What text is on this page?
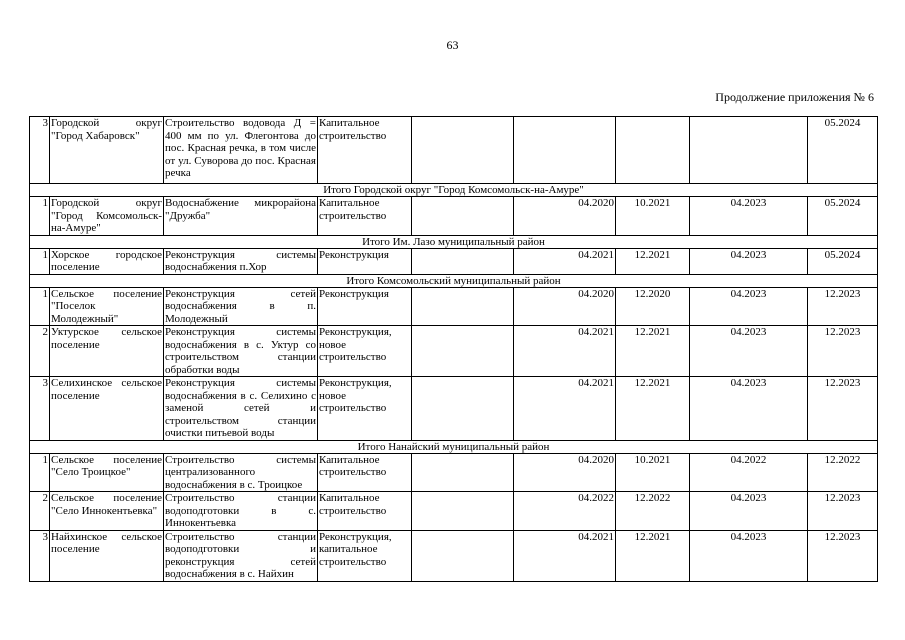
63
Продолжение приложения № 6
3	Городской округ "Город Хабаровск"	Строительство водовода Д = 400 мм по ул. Флегонтова до пос. Красная речка, в том числе от ул. Суворова до пос. Красная речка	Капитальное строительство					05.2024
Итого Городской округ "Город Комсомольск-на-Амуре"								
1	Городской округ "Город Комсомольск-на-Амуре"	Водоснабжение микрорайона "Дружба"	Капитальное строительство		04.2020	10.2021	04.2023	05.2024
Итого Им. Лазо муниципальный район								
1	Хорское городское поселение	Реконструкция системы водоснабжения п.Хор	Реконструкция		04.2021	12.2021	04.2023	05.2024
Итого Комсомольский муниципальный район								
1	Сельское поселение "Поселок Молодежный"	Реконструкция сетей водоснабжения в п. Молодежный	Реконструкция		04.2020	12.2020	04.2023	12.2023
2	Уктурское сельское поселение	Реконструкция системы водоснабжения в с. Уктур со строительством станции обработки воды	Реконструкция, новое строительство		04.2021	12.2021	04.2023	12.2023
3	Селихинское сельское поселение	Реконструкция системы водоснабжения в с. Селихино с заменой сетей и строительством станции очистки питьевой воды	Реконструкция, новое строительство		04.2021	12.2021	04.2023	12.2023
Итого Нанайский муниципальный район								
1	Сельское поселение "Село Троицкое"	Строительство системы централизованного водоснабжения в с. Троицкое	Капитальное строительство		04.2020	10.2021	04.2022	12.2022
2	Сельское поселение "Село Иннокентьевка"	Строительство станции водоподготовки в с. Иннокентьевка	Капитальное строительство		04.2022	12.2022	04.2023	12.2023
3	Найхинское сельское поселение	Строительство станции водоподготовки и реконструкция сетей водоснабжения в с. Найхин	Реконструкция, капитальное строительство		04.2021	12.2021	04.2023	12.2023
